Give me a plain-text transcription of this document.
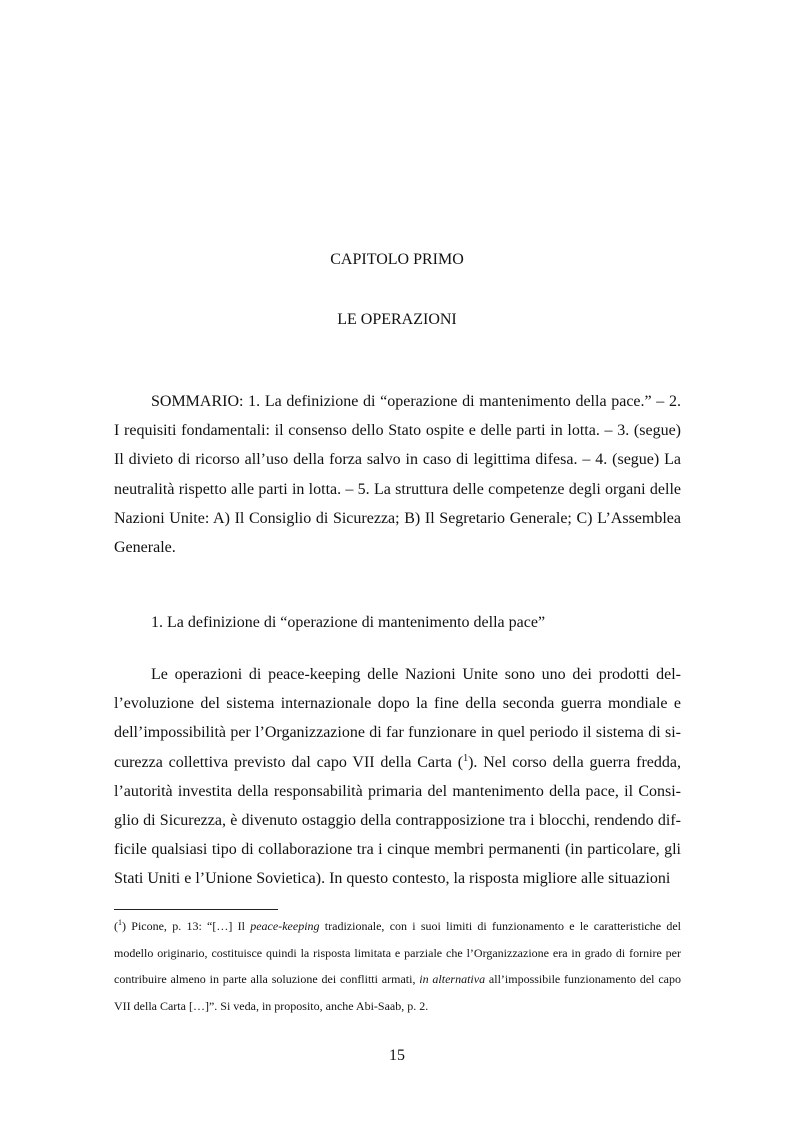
CAPITOLO PRIMO
LE OPERAZIONI

SOMMARIO: 1. La definizione di “operazione di mantenimento della pace.” – 2. I requisiti fondamentali: il consenso dello Stato ospite e delle parti in lotta. – 3. (segue) Il divieto di ricorso all’uso della forza salvo in caso di legittima difesa. – 4. (segue) La neutralità rispetto alle parti in lotta. – 5. La struttura delle competenze degli organi delle Nazioni Unite: A) Il Consiglio di Sicurezza; B) Il Segretario Generale; C) L’Assemblea Generale.

1. La definizione di “operazione di mantenimento della pace”

Le operazioni di peace-keeping delle Nazioni Unite sono uno dei prodotti dell’evoluzione del sistema internazionale dopo la fine della seconda guerra mondiale e dell’impossibilità per l’Organizzazione di far funzionare in quel periodo il sistema di sicurezza collettiva previsto dal capo VII della Carta ($^1$). Nel corso della guerra fredda, l’autorità investita della responsabilità primaria del mantenimento della pace, il Consiglio di Sicurezza, è divenuto ostaggio della contrapposizione tra i blocchi, rendendo difficile qualsiasi tipo di collaborazione tra i cinque membri permanenti (in particolare, gli Stati Uniti e l’Unione Sovietica). In questo contesto, la risposta migliore alle situazioni

($^1$) Picone, p. 13: “[…] Il peace-keeping tradizionale, con i suoi limiti di funzionamento e le caratteristiche del modello originario, costituisce quindi la risposta limitata e parziale che l’Organizzazione era in grado di fornire per contribuire almeno in parte alla soluzione dei conflitti armati, in alternativa all’impossibile funzionamento del capo VII della Carta […]”. Si veda, in proposito, anche Abi-Saab, p. 2.

15
